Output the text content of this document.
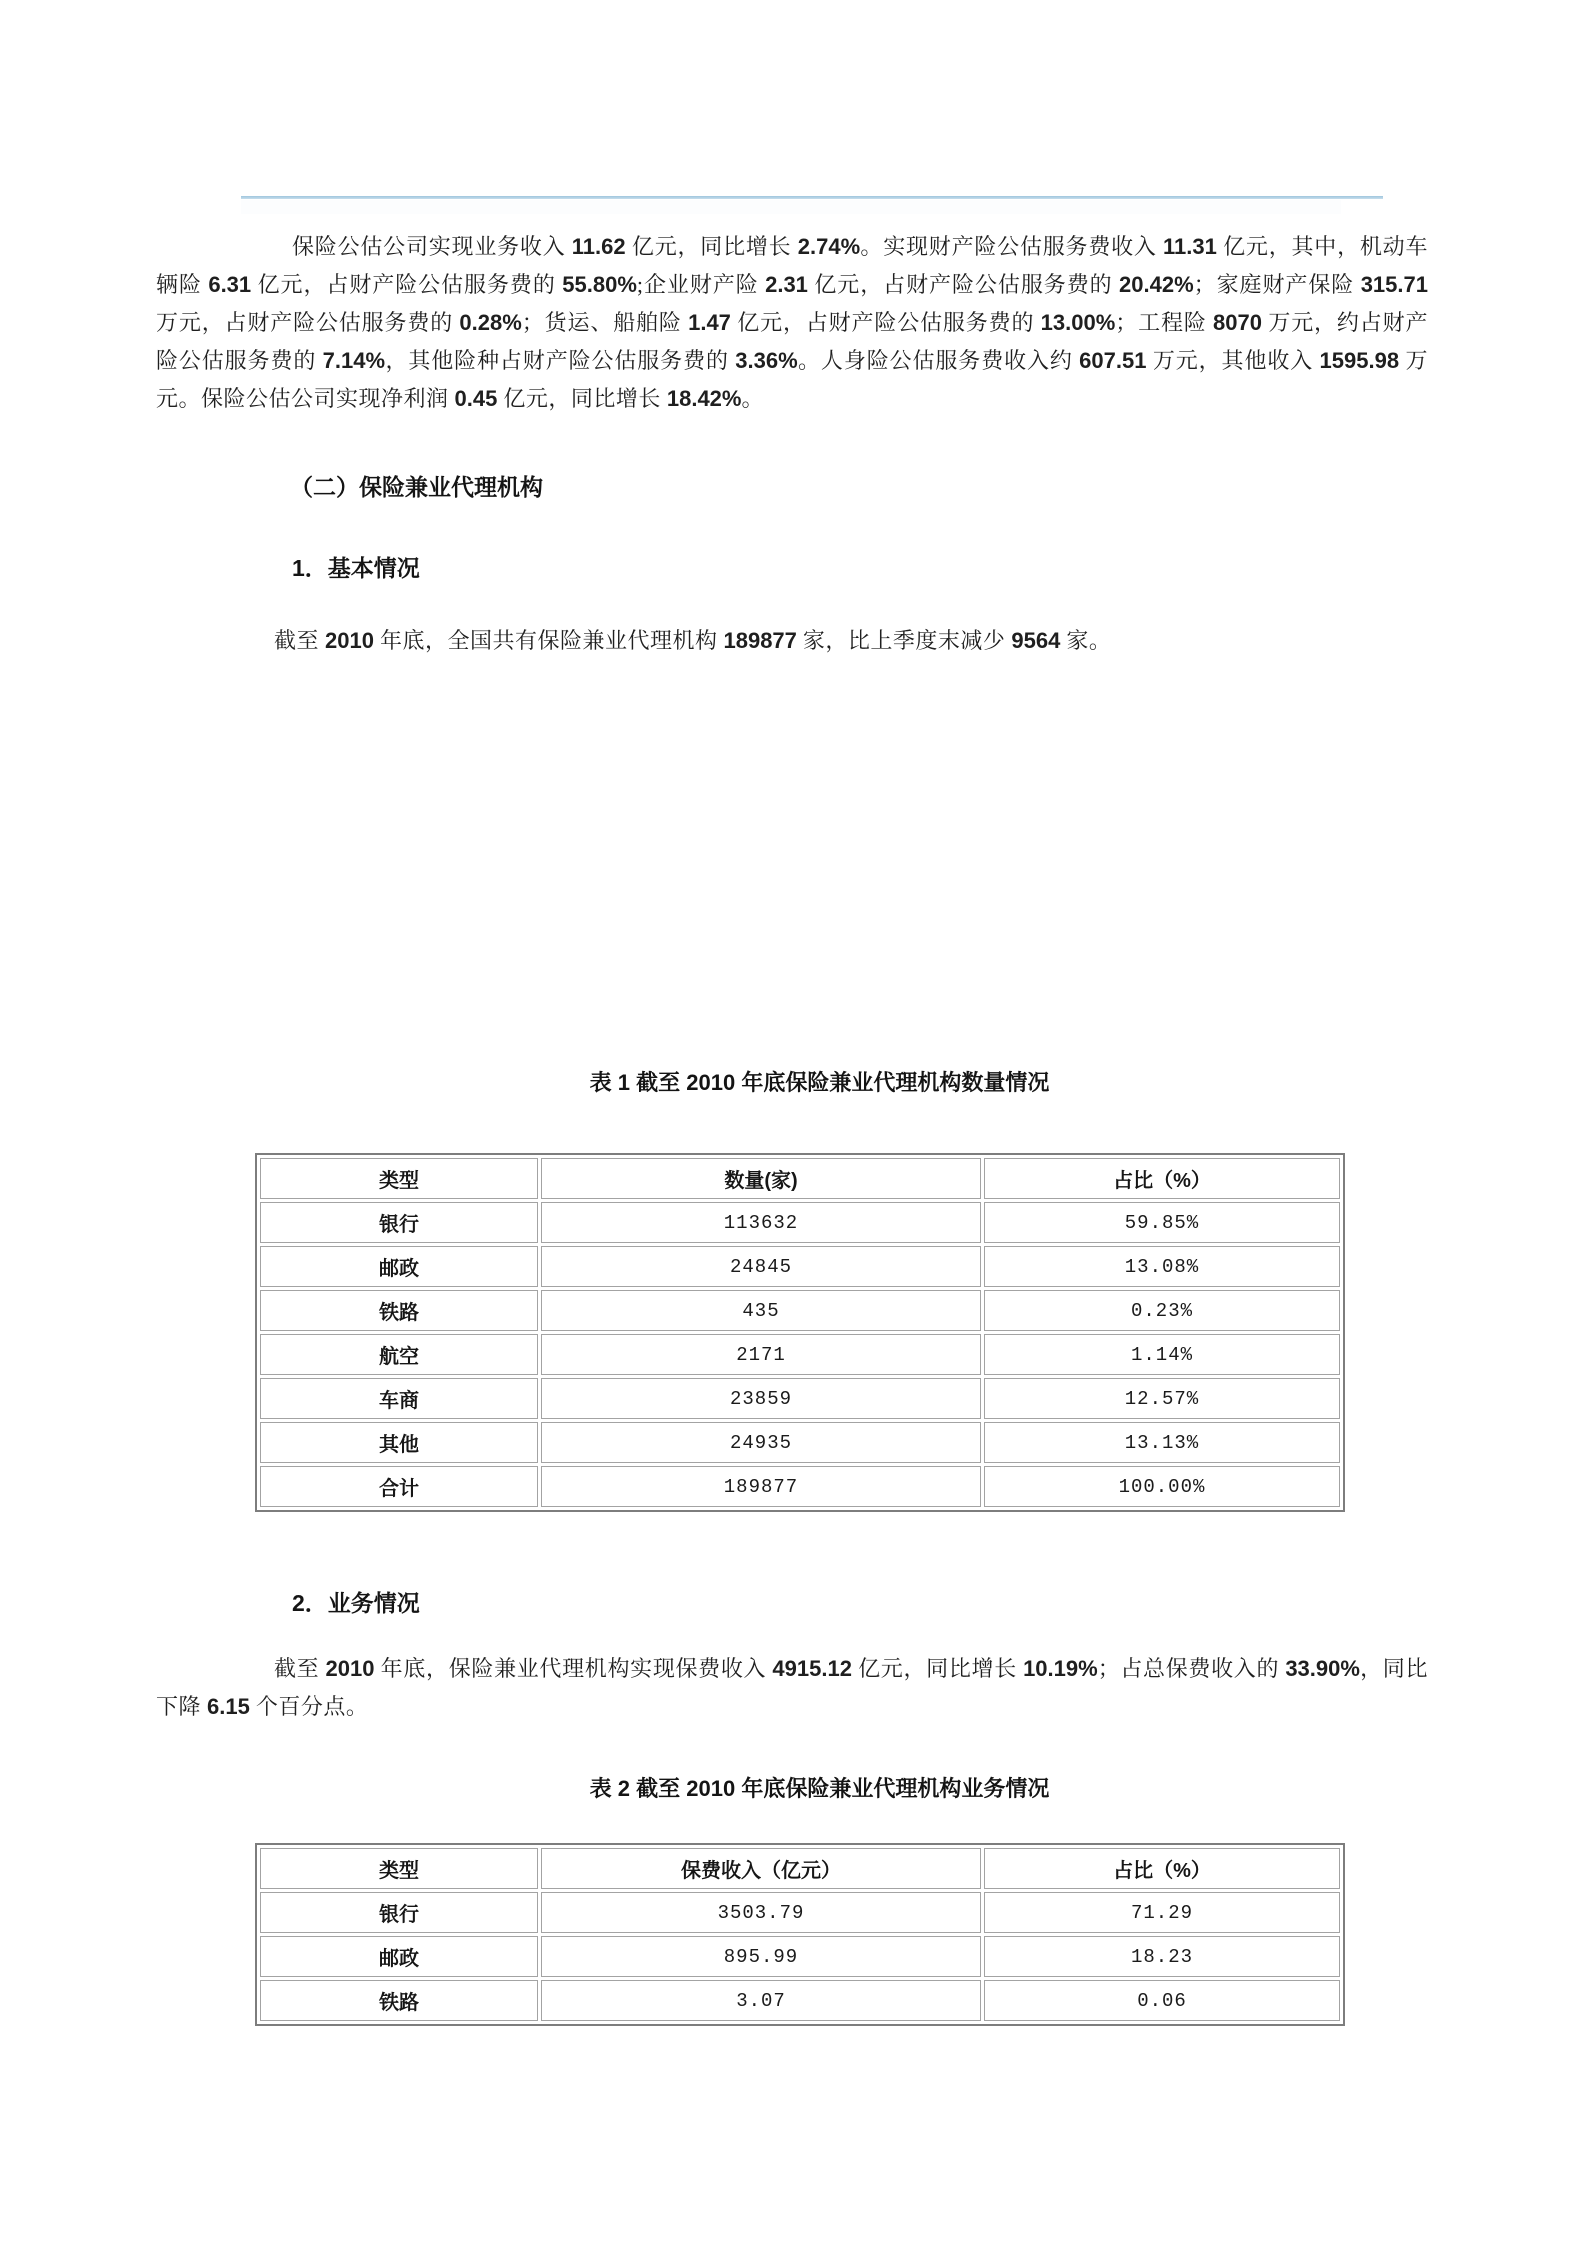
保险公估公司实现业务收入 11.62 亿元，同比增长 2.74%。实现财产险公估服务费收入 11.31 亿元，其中，机动车辆险 6.31 亿元，占财产险公估服务费的 55.80%;企业财产险 2.31 亿元，占财产险公估服务费的 20.42%；家庭财产保险 315.71 万元，占财产险公估服务费的 0.28%；货运、船舶险 1.47 亿元，占财产险公估服务费的 13.00%；工程险 8070 万元，约占财产险公估服务费的 7.14%，其他险种占财产险公估服务费的 3.36%。人身险公估服务费收入约 607.51 万元，其他收入 1595.98 万元。保险公估公司实现净利润 0.45 亿元，同比增长 18.42%。

（二）保险兼业代理机构
1．基本情况

截至 2010 年底，全国共有保险兼业代理机构 189877 家，比上季度末减少 9564 家。

表 1 截至 2010 年底保险兼业代理机构数量情况
类型	数量(家)	占比（%）
银行	113632	59.85%
邮政	24845	13.08%
铁路	435	0.23%
航空	2171	1.14%
车商	23859	12.57%
其他	24935	13.13%
合计	189877	100.00%
2．业务情况

截至 2010 年底，保险兼业代理机构实现保费收入 4915.12 亿元，同比增长 10.19%；占总保费收入的 33.90%，同比下降 6.15 个百分点。

表 2 截至 2010 年底保险兼业代理机构业务情况
类型	保费收入（亿元）	占比（%）
银行	3503.79	71.29
邮政	895.99	18.23
铁路	3.07	0.06
